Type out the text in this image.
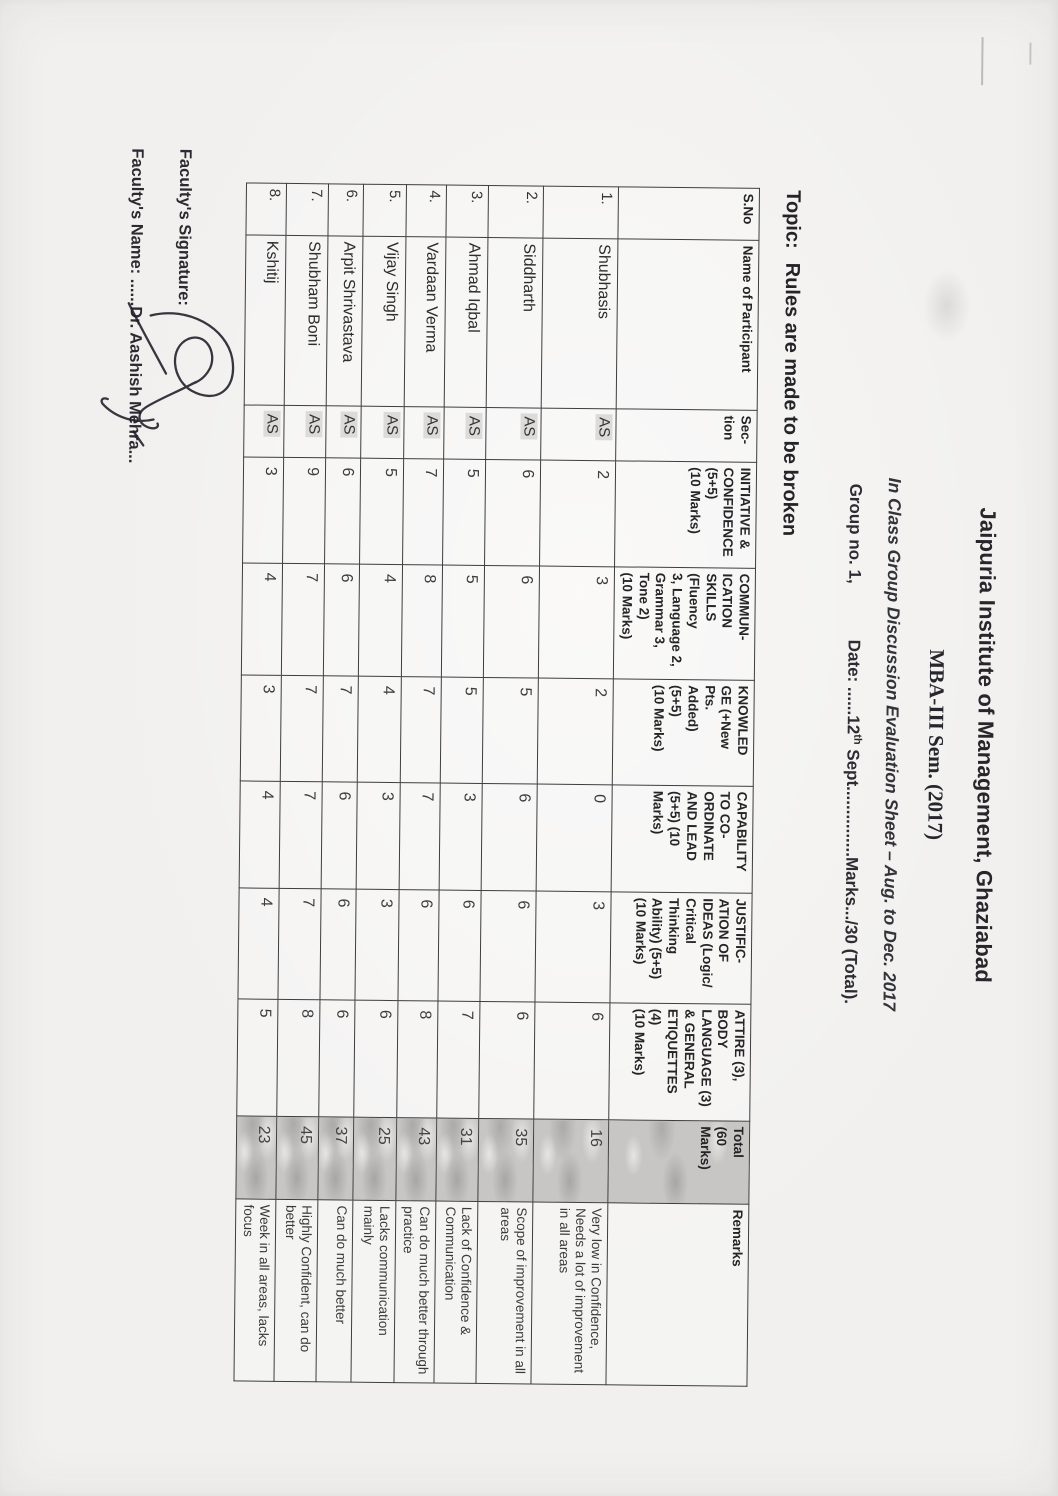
Jaipuria Institute of Management, Ghaziabad
MBA-III Sem. (2017)
In Class Group Discussion Evaluation Sheet – Aug. to Dec. 2017
Group no. 1,Date: ......12th Sept...............Marks.../30 (Total).
Topic:Rules are made to be broken
S.No	Name of Participant	Sec-
tion	INITIATIVE &
CONFIDENCE
(5+5)
(10 Marks)	COMMUN-
ICATION
SKILLS (Fluency
3, Language 2,
Grammar 3,
Tone 2)
(10 Marks)	KNOWLED
GE (+New
Pts.
Added)
(5+5)
(10 Marks)	CAPABILITY
TO CO-
ORDINATE
AND LEAD
(5+5) (10
Marks)	JUSTIFIC-
ATION OF
IDEAS (Logic/
Critical
Thinking
Ability) (5+5)
(10 Marks)	ATTIRE (3),
BODY
LANGUAGE (3)
& GENERAL
ETIQUETTES
(4)
(10 Marks)	Total
(60
Marks)	Remarks
1.	Shubhasis	AS	2	3	2	0	3	6	16	Very low in Confidence, Needs a lot of improvement in all areas
2.	Siddharth	AS	6	6	5	6	6	6	35	Scope of improvement in all areas
3.	Ahmad Iqbal	AS	5	5	5	3	6	7	31	Lack of Confidence & Communication
4.	Vardaan Verma	AS	7	8	7	7	6	8	43	Can do much better through practice
5.	Vijay Singh	AS	5	4	4	3	3	6	25	Lacks communication mainly
6.	Arpit Shrivastava	AS	6	6	7	6	6	6	37	Can do much better
7.	Shubham Boni	AS	9	7	7	7	7	8	45	Highly Confident, can do better
8.	Kshitij	AS	3	4	3	4	4	5	23	Week in all areas, lacks focus
Faculty's Signature:
Faculty's Name: ......Dr. Aashish Mehra...
